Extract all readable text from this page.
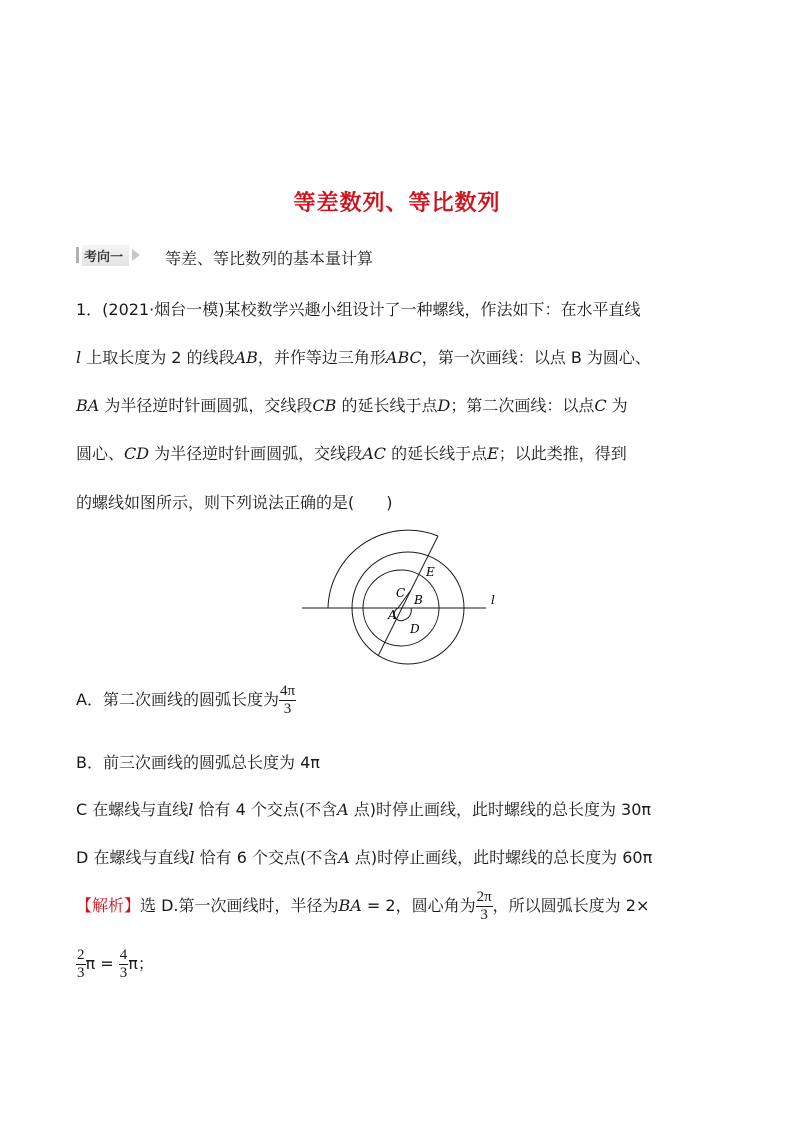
等差数列、等比数列
考向一	等差、等比数列的基本量计算
1．(2021·烟台一模)某校数学兴趣小组设计了一种螺线，作法如下：在水平直线
l 上取长度为 2 的线段AB，并作等边三角形ABC，第一次画线：以点 B 为圆心、
BA 为半径逆时针画圆弧，交线段CB 的延长线于点D；第二次画线：以点C 为
圆心、CD 为半径逆时针画圆弧，交线段AC 的延长线于点E；以此类推，得到
的螺线如图所示，则下列说法正确的是(　　)
E
C B
A
D
l
A．第二次画线的圆弧长度为 $\frac{4\pi}{3}$
B．前三次画线的圆弧总长度为 4π
C 在螺线与直线l 恰有 4 个交点(不含A 点)时停止画线，此时螺线的总长度为 30π
D 在螺线与直线l 恰有 6 个交点(不含A 点)时停止画线，此时螺线的总长度为 60π
【解析】选 D.第一次画线时，半径为BA = 2，圆心角为 $\frac{2\pi}{3}$ ，所以圆弧长度为 2×
$\frac{2}{3}$ $\pi = \frac{4}{3}$ π；
